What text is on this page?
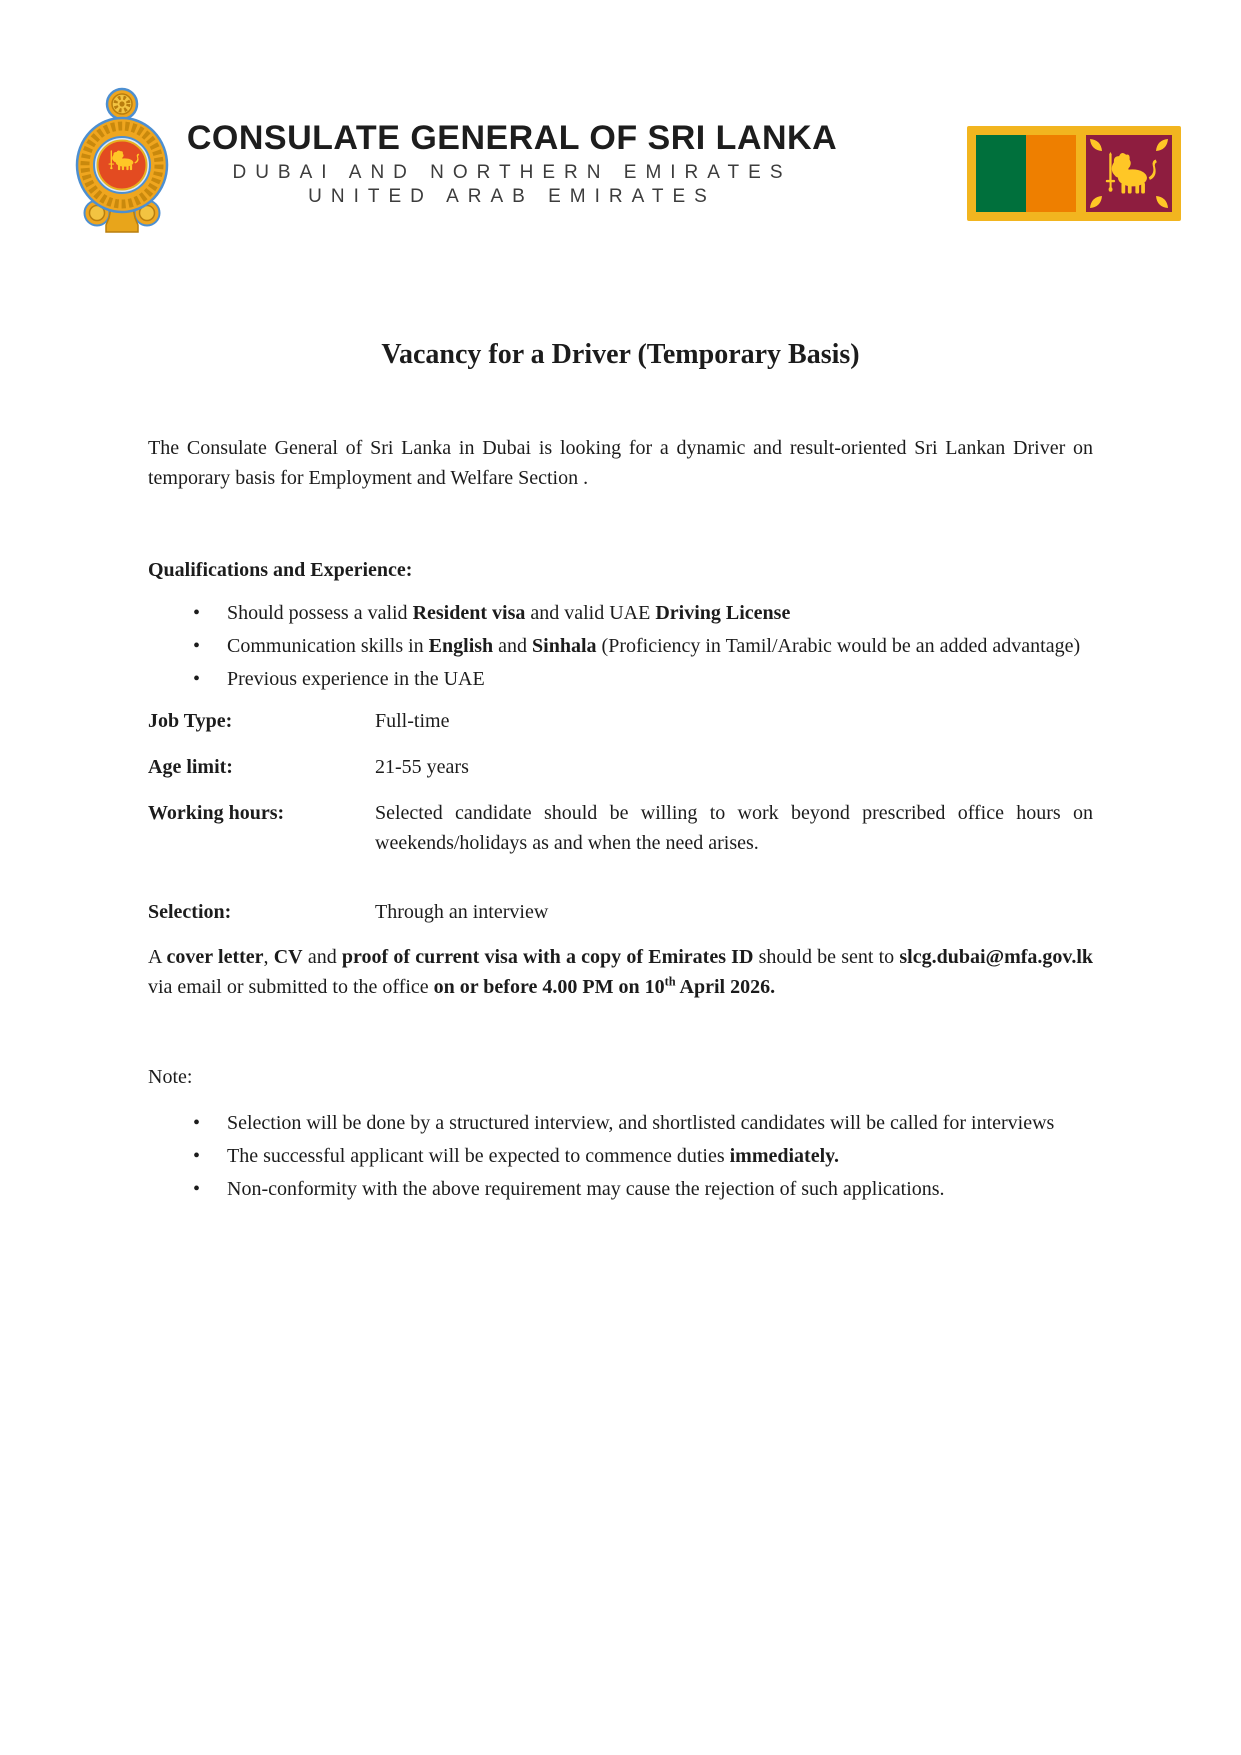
CONSULATE GENERAL OF SRI LANKA
DUBAI AND NORTHERN EMIRATES
UNITED ARAB EMIRATES
Vacancy for a Driver (Temporary Basis)

The Consulate General of Sri Lanka in Dubai is looking for a dynamic and result-oriented Sri Lankan Driver on temporary basis for Employment and Welfare Section .

Qualifications and Experience:
• Should possess a valid Resident visa and valid UAE Driving License
• Communication skills in English and Sinhala (Proficiency in Tamil/Arabic would be an added advantage)
• Previous experience in the UAE
Job Type:	Full-time
Age limit:	21-55 years
Working hours:	Selected candidate should be willing to work beyond prescribed office hours on weekends/holidays as and when the need arises.
Selection:	Through an interview

A cover letter, CV and proof of current visa with a copy of Emirates ID should be sent to slcg.dubai@mfa.gov.lk via email or submitted to the office on or before 4.00 PM on 10th April 2026.

Note:

• Selection will be done by a structured interview, and shortlisted candidates will be called for interviews
• The successful applicant will be expected to commence duties immediately.
• Non-conformity with the above requirement may cause the rejection of such applications.
